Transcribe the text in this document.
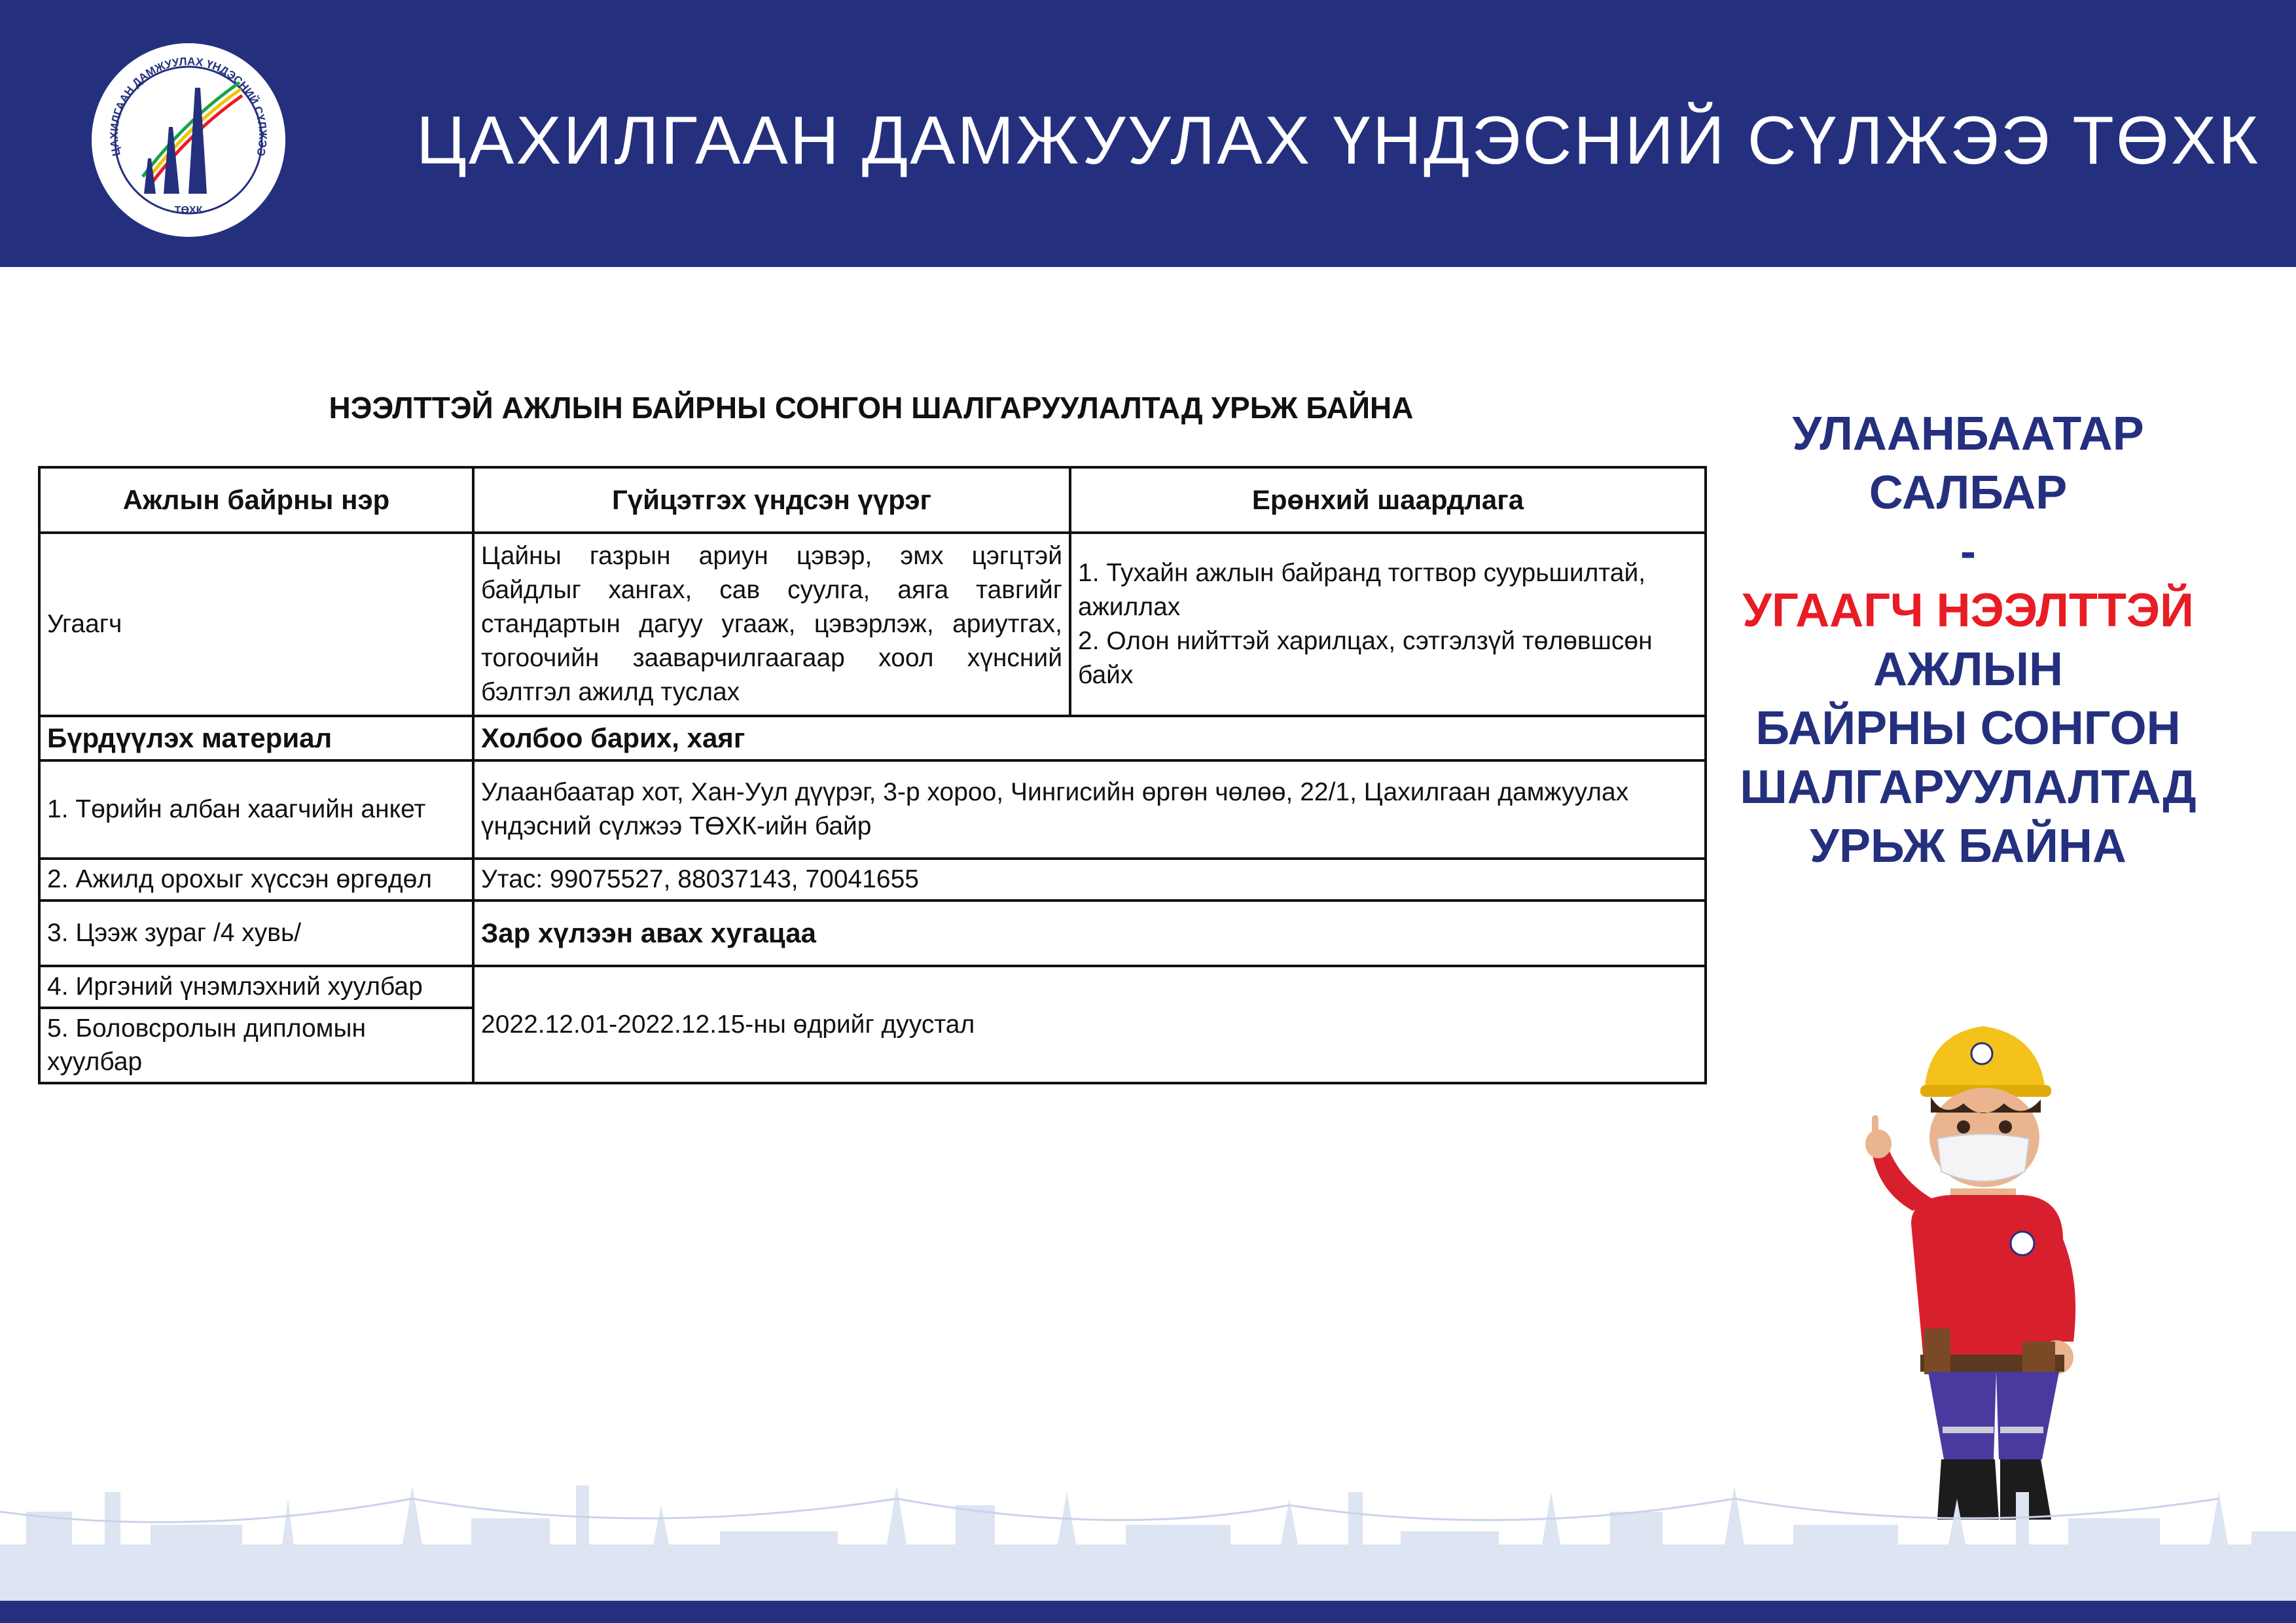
ЦАХИЛГААН ДАМЖУУЛАХ ҮНДЭСНИЙ СҮЛЖЭЭ
ТӨХК
ЦАХИЛГААН ДАМЖУУЛАХ ҮНДЭСНИЙ СҮЛЖЭЭ ТӨХК
НЭЭЛТТЭЙ АЖЛЫН БАЙРНЫ СОНГОН ШАЛГАРУУЛАЛТАД УРЬЖ БАЙНА
Ажлын байрны нэр	Гүйцэтгэх үндсэн үүрэг	Ерөнхий шаардлага
Угаагч	Цайны газрын ариун цэвэр, эмх цэгцтэй байдлыг хангах, сав суулга, аяга тавгийг стандартын дагуу угааж, цэвэрлэж, ариутгах, тогоочийн зааварчилгаагаар хоол хүнсний бэлтгэл ажилд туслах	1. Тухайн ажлын байранд тогтвор суурьшилтай, ажиллах
2. Олон нийттэй харилцах, сэтгэлзүй төлөвшсөн байх

Бүрдүүлэх материал	Холбоо барих, хаяг	
1. Төрийн албан хаагчийн анкет	Улаанбаатар хот, Хан-Уул дүүрэг, 3-р хороо, Чингисийн өргөн чөлөө, 22/1, Цахилгаан дамжуулах үндэсний сүлжээ ТӨХК-ийн байр	
2. Ажилд орохыг хүссэн өргөдөл	Утас: 99075527, 88037143, 70041655	
3. Цээж зураг /4 хувь/	Зар хүлээн авах хугацаа	
4. Иргэний үнэмлэхний хуулбар	2022.12.01-2022.12.15-ны өдрийг дуустал	
5. Боловсролын дипломын хуулбар		
УЛААНБААТАР
САЛБАР
-
УГААГЧ НЭЭЛТТЭЙ
АЖЛЫН
БАЙРНЫ СОНГОН
ШАЛГАРУУЛАЛТАД
УРЬЖ БАЙНА
